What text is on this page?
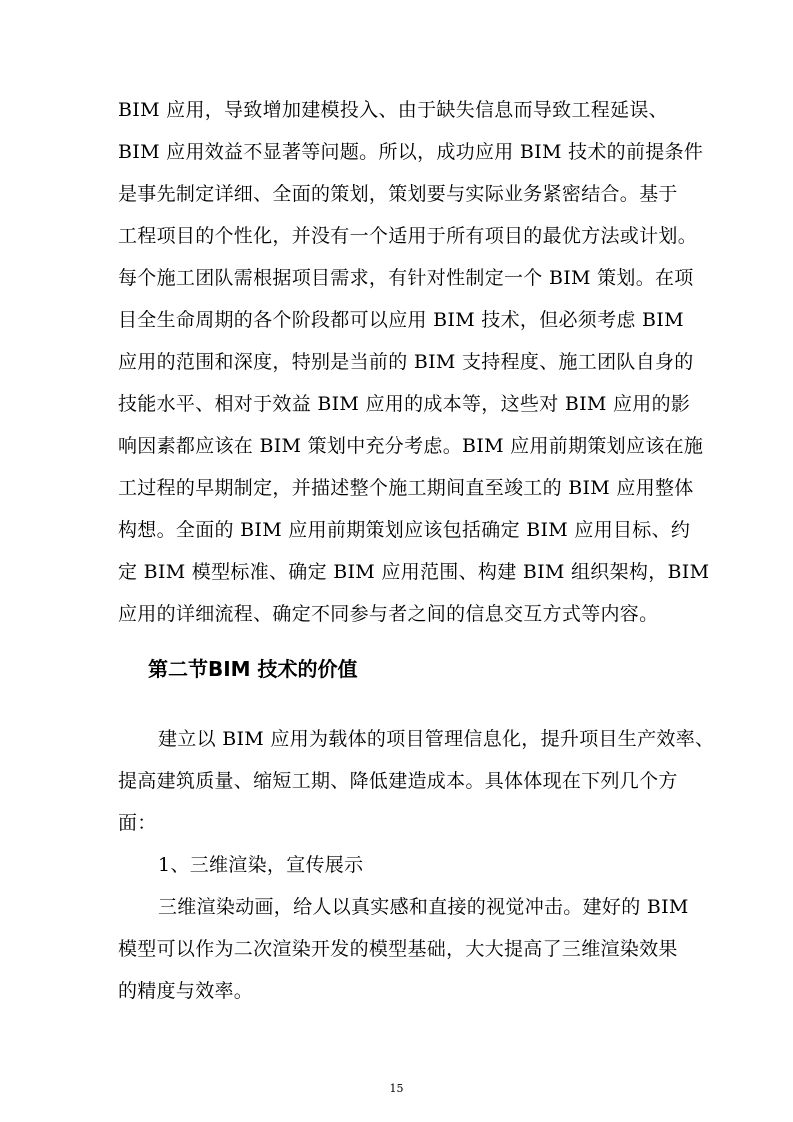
BIM 应用，导致增加建模投入、由于缺失信息而导致工程延误、
BIM 应用效益不显著等问题。所以，成功应用 BIM 技术的前提条件
是事先制定详细、全面的策划，策划要与实际业务紧密结合。基于
工程项目的个性化，并没有一个适用于所有项目的最优方法或计划。
每个施工团队需根据项目需求，有针对性制定一个 BIM 策划。在项
目全生命周期的各个阶段都可以应用 BIM 技术，但必须考虑 BIM
应用的范围和深度，特别是当前的 BIM 支持程度、施工团队自身的
技能水平、相对于效益 BIM 应用的成本等，这些对 BIM 应用的影
响因素都应该在 BIM 策划中充分考虑。BIM 应用前期策划应该在施
工过程的早期制定，并描述整个施工期间直至竣工的 BIM 应用整体
构想。全面的 BIM 应用前期策划应该包括确定 BIM 应用目标、约
定 BIM 模型标准、确定 BIM 应用范围、构建 BIM 组织架构，BIM
应用的详细流程、确定不同参与者之间的信息交互方式等内容。
第二节BIM 技术的价值
建立以 BIM 应用为载体的项目管理信息化，提升项目生产效率、
提高建筑质量、缩短工期、降低建造成本。具体体现在下列几个方
面：
1、三维渲染，宣传展示
三维渲染动画，给人以真实感和直接的视觉冲击。建好的 BIM
模型可以作为二次渲染开发的模型基础，大大提高了三维渲染效果
的精度与效率。
15
